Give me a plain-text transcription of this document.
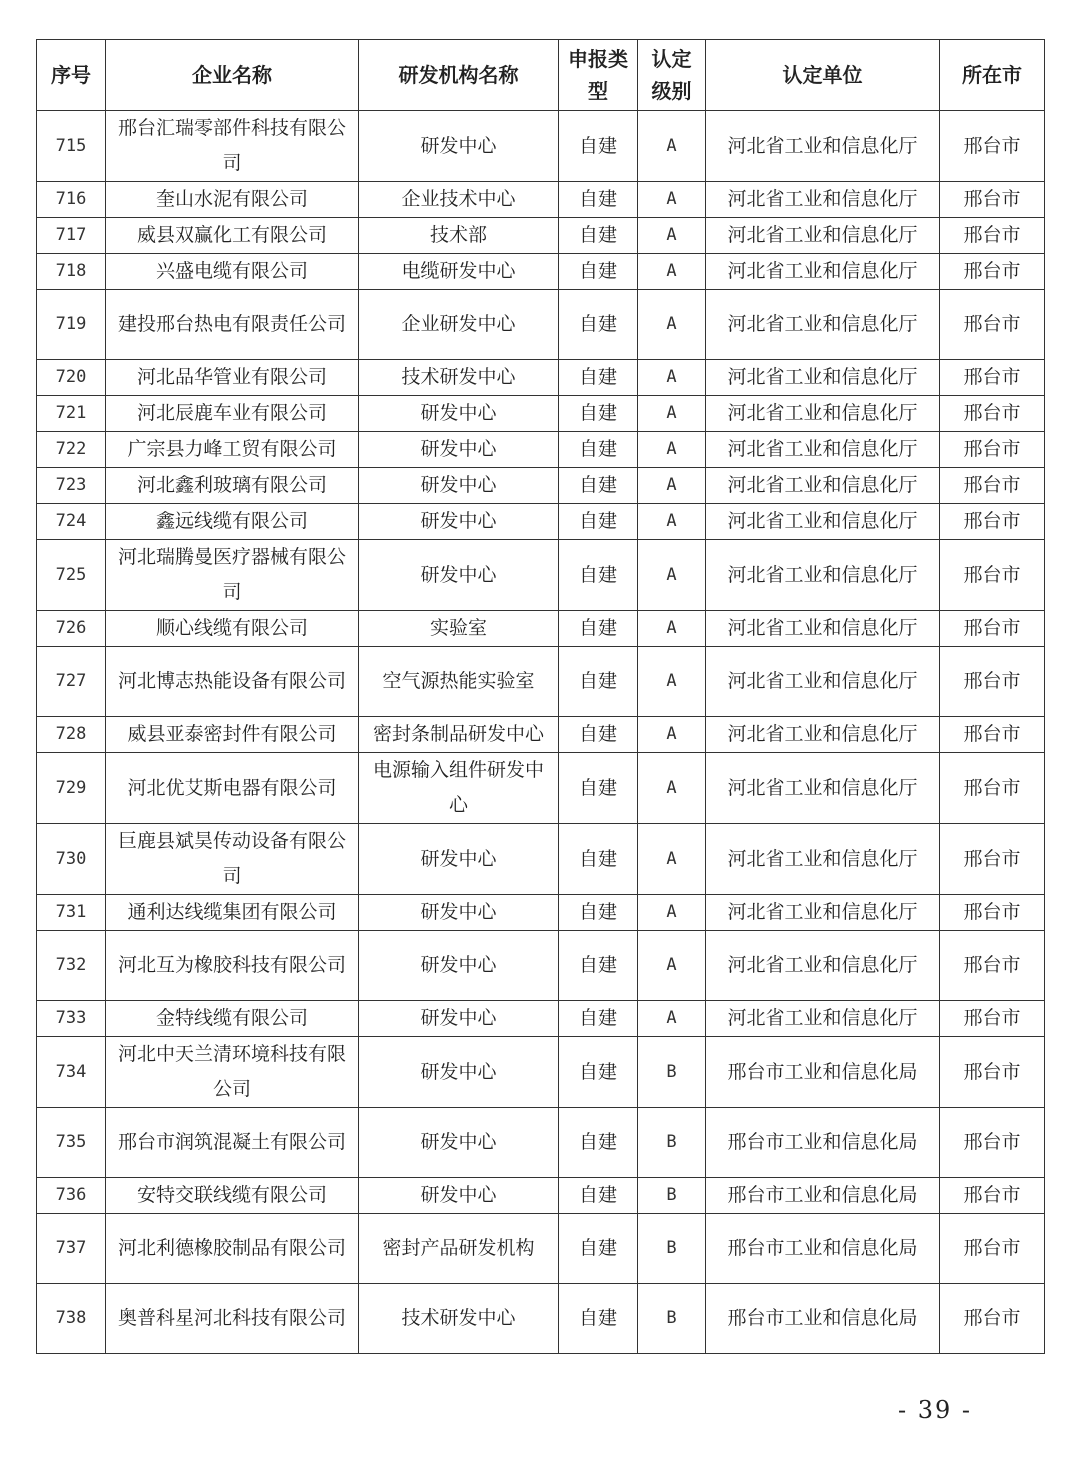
序号	企业名称	研发机构名称	申报类型	认定级别	认定单位	所在市
715	邢台汇瑞零部件科技有限公司	研发中心	自建	A	河北省工业和信息化厅	邢台市
716	奎山水泥有限公司	企业技术中心	自建	A	河北省工业和信息化厅	邢台市
717	威县双赢化工有限公司	技术部	自建	A	河北省工业和信息化厅	邢台市
718	兴盛电缆有限公司	电缆研发中心	自建	A	河北省工业和信息化厅	邢台市
719	建投邢台热电有限责任公司	企业研发中心	自建	A	河北省工业和信息化厅	邢台市
720	河北品华管业有限公司	技术研发中心	自建	A	河北省工业和信息化厅	邢台市
721	河北辰鹿车业有限公司	研发中心	自建	A	河北省工业和信息化厅	邢台市
722	广宗县力峰工贸有限公司	研发中心	自建	A	河北省工业和信息化厅	邢台市
723	河北鑫利玻璃有限公司	研发中心	自建	A	河北省工业和信息化厅	邢台市
724	鑫远线缆有限公司	研发中心	自建	A	河北省工业和信息化厅	邢台市
725	河北瑞腾曼医疗器械有限公司	研发中心	自建	A	河北省工业和信息化厅	邢台市
726	顺心线缆有限公司	实验室	自建	A	河北省工业和信息化厅	邢台市
727	河北博志热能设备有限公司	空气源热能实验室	自建	A	河北省工业和信息化厅	邢台市
728	威县亚泰密封件有限公司	密封条制品研发中心	自建	A	河北省工业和信息化厅	邢台市
729	河北优艾斯电器有限公司	电源输入组件研发中心	自建	A	河北省工业和信息化厅	邢台市
730	巨鹿县斌昊传动设备有限公司	研发中心	自建	A	河北省工业和信息化厅	邢台市
731	通利达线缆集团有限公司	研发中心	自建	A	河北省工业和信息化厅	邢台市
732	河北互为橡胶科技有限公司	研发中心	自建	A	河北省工业和信息化厅	邢台市
733	金特线缆有限公司	研发中心	自建	A	河北省工业和信息化厅	邢台市
734	河北中天兰清环境科技有限公司	研发中心	自建	B	邢台市工业和信息化局	邢台市
735	邢台市润筑混凝土有限公司	研发中心	自建	B	邢台市工业和信息化局	邢台市
736	安特交联线缆有限公司	研发中心	自建	B	邢台市工业和信息化局	邢台市
737	河北利德橡胶制品有限公司	密封产品研发机构	自建	B	邢台市工业和信息化局	邢台市
738	奥普科星河北科技有限公司	技术研发中心	自建	B	邢台市工业和信息化局	邢台市
- 39 -
